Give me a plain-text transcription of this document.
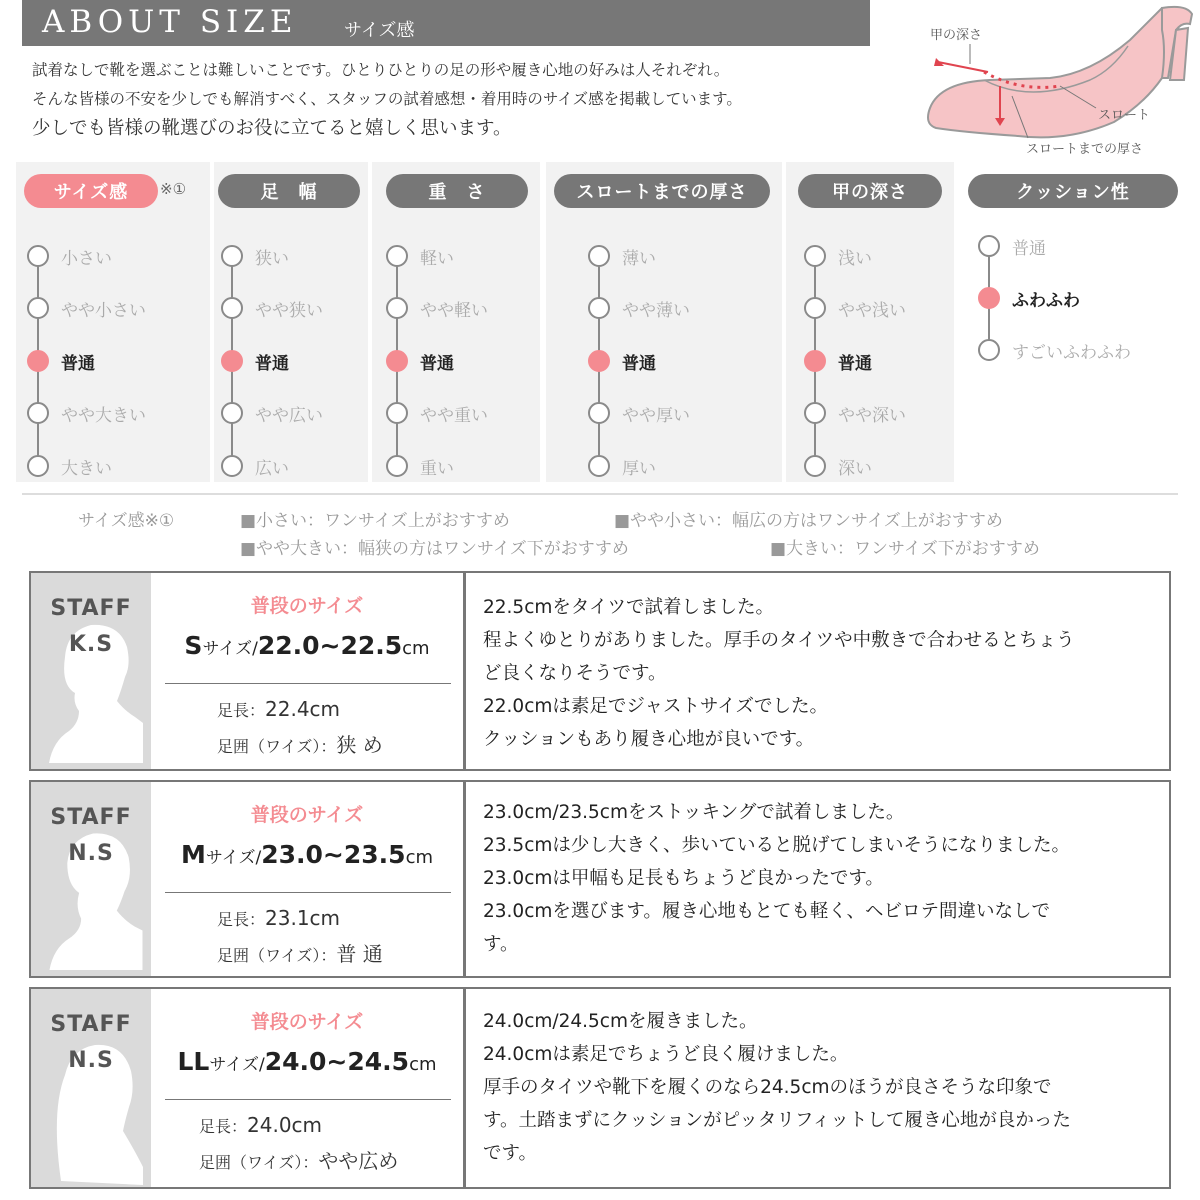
ABOUT SIZE	サイズ感
試着なしで靴を選ぶことは難しいことです。ひとりひとりの足の形や履き心地の好みは人それぞれ。
そんな皆様の不安を少しでも解消すべく、スタッフの試着感想・着用時のサイズ感を掲載しています。
少しでも皆様の靴選びのお役に立てると嬉しく思います。
甲の深さ
スロート
スロートまでの厚さ
サイズ感	※①
小さい
やや小さい
普通
やや大きい
大きい
足　幅
狭い
やや狭い
普通
やや広い
広い
重　さ
軽い
やや軽い
普通
やや重い
重い
スロートまでの厚さ
薄い
やや薄い
普通
やや厚い
厚い
甲の深さ
浅い
やや浅い
普通
やや深い
深い
クッション性
普通
ふわふわ
すごいふわふわ
サイズ感※①	■小さい：ワンサイズ上がおすすめ	■やや小さい：幅広の方はワンサイズ上がおすすめ
■やや大きい：幅狭の方はワンサイズ下がおすすめ	■大きい：ワンサイズ下がおすすめ
STAFF
K.S
普段のサイズ
Sサイズ/22.0~22.5cm
足長：22.4cm
足囲（ワイズ）：狭 め
22.5cmをタイツで試着しました。
程よくゆとりがありました。厚手のタイツや中敷きで合わせるとちょう
ど良くなりそうです。
22.0cmは素足でジャストサイズでした。
クッションもあり履き心地が良いです。
STAFF
N.S
普段のサイズ
Mサイズ/23.0~23.5cm
足長：23.1cm
足囲（ワイズ）：普 通
23.0cm/23.5cmをストッキングで試着しました。
23.5cmは少し大きく、歩いていると脱げてしまいそうになりました。
23.0cmは甲幅も足長もちょうど良かったです。
23.0cmを選びます。履き心地もとても軽く、ヘビロテ間違いなしで
す。
STAFF
N.S
普段のサイズ
LLサイズ/24.0~24.5cm
足長：24.0cm
足囲（ワイズ）：やや広め
24.0cm/24.5cmを履きました。
24.0cmは素足でちょうど良く履けました。
厚手のタイツや靴下を履くのなら24.5cmのほうが良さそうな印象で
す。土踏まずにクッションがピッタリフィットして履き心地が良かった
です。
